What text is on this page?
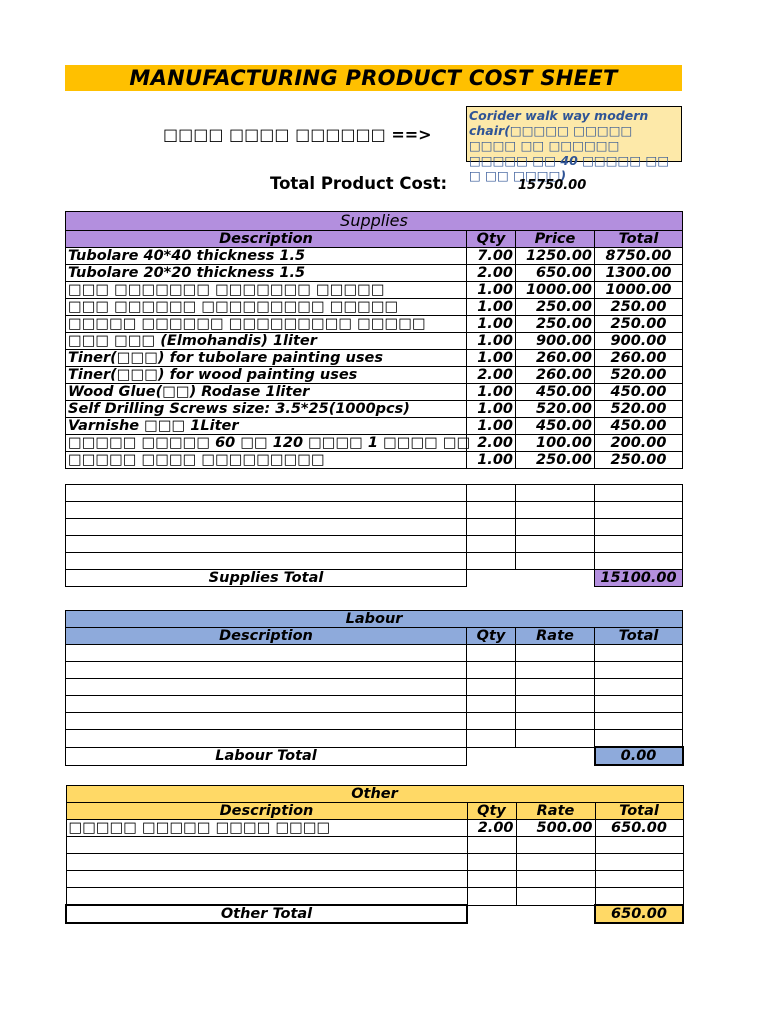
MANUFACTURING PRODUCT COST SHEET
□□□□ □□□□ □□□□□□ ==>
Corider walk way modern chair(□□□□□ □□□□□ □□□□ □□ □□□□□□ □□□□□ □□ 40 □□□□□ □□ □ □□ □□□□)
Total Product Cost:	15750.00
Supplies			
Description	Qty	Price	Total
Tubolare 40*40 thickness 1.5	7.00	1250.00	8750.00
Tubolare 20*20 thickness 1.5	2.00	650.00	1300.00
□□□ □□□□□□□ □□□□□□□ □□□□□	1.00	1000.00	1000.00
□□□ □□□□□□ □□□□□□□□□ □□□□□	1.00	250.00	250.00
□□□□□ □□□□□□ □□□□□□□□□ □□□□□	1.00	250.00	250.00
□□□ □□□ (Elmohandis) 1liter	1.00	900.00	900.00
Tiner(□□□) for tubolare painting uses	1.00	260.00	260.00
Tiner(□□□) for wood painting uses	2.00	260.00	520.00
Wood Glue(□□) Rodase 1liter	1.00	450.00	450.00
Self Drilling Screws size: 3.5*25(1000pcs)	1.00	520.00	520.00
Varnishe □□□ 1Liter	1.00	450.00	450.00
□□□□□ □□□□□ 60 □□ 120 □□□□ 1 □□□□ □□	2.00	100.00	200.00
□□□□□ □□□□ □□□□□□□□□	1.00	250.00	250.00

Supplies Total			15100.00
Labour			
Description	Qty	Rate	Total

Labour Total			0.00
Other			
Description	Qty	Rate	Total
□□□□□ □□□□□ □□□□ □□□□	2.00	500.00	650.00

Other Total			650.00
